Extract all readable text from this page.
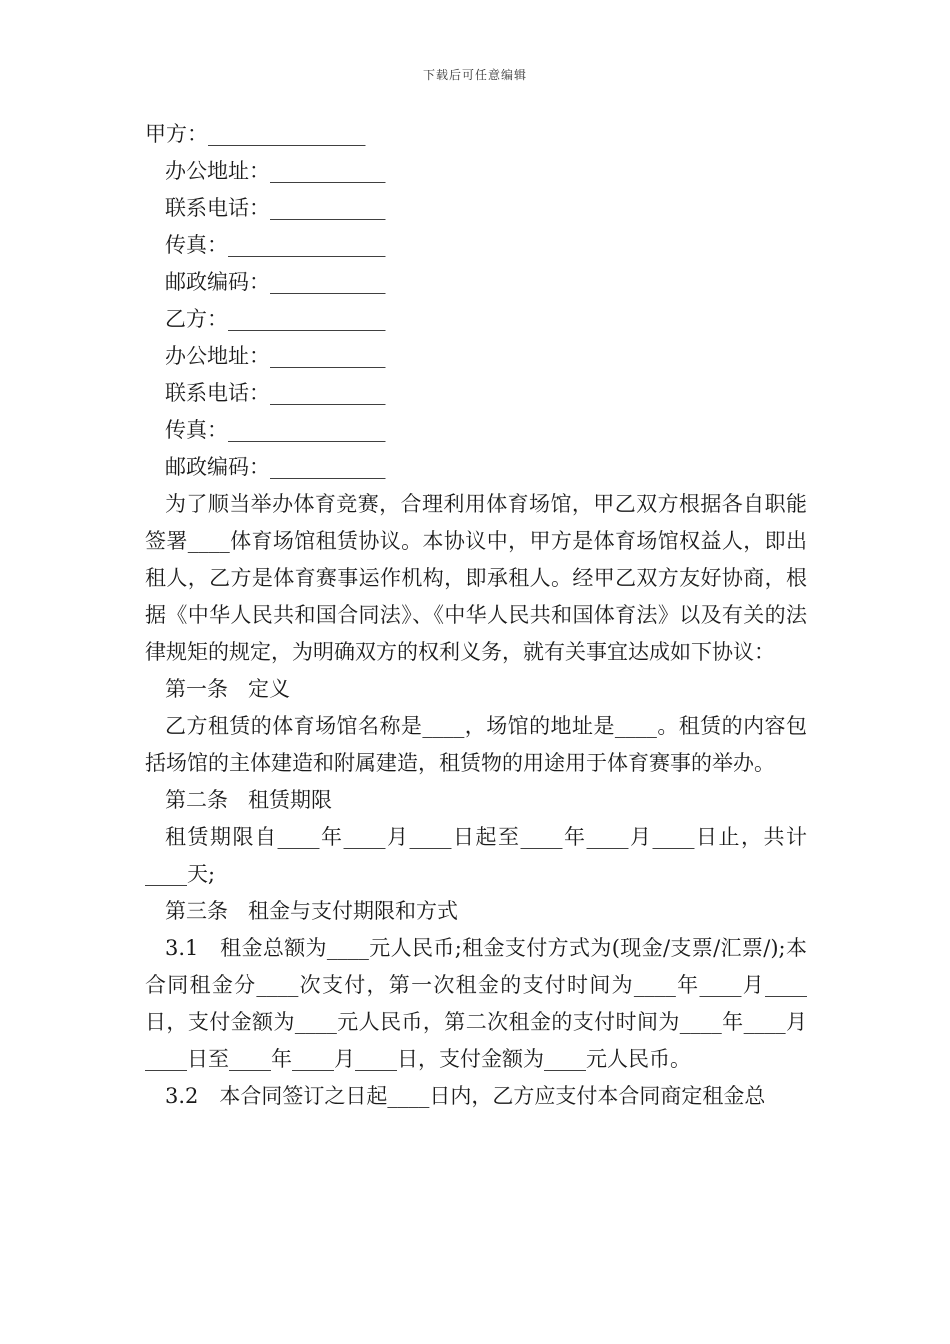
下载后可任意编辑
甲方：_______________
办公地址：___________
联系电话：___________
传真：_______________
邮政编码：___________
乙方：_______________
办公地址：___________
联系电话：___________
传真：_______________
邮政编码：___________
为了顺当举办体育竞赛，合理利用体育场馆，甲乙双方根据各自职能签署____体育场馆租赁协议。本协议中，甲方是体育场馆权益人，即出租人，乙方是体育赛事运作机构，即承租人。经甲乙双方友好协商，根据《中华人民共和国合同法》、《中华人民共和国体育法》以及有关的法律规矩的规定，为明确双方的权利义务，就有关事宜达成如下协议：
第一条 定义
乙方租赁的体育场馆名称是____，场馆的地址是____。租赁的内容包括场馆的主体建造和附属建造，租赁物的用途用于体育赛事的举办。
第二条 租赁期限
租赁期限自____年____月____日起至____年____月____日止，共计____天;
第三条 租金与支付期限和方式
3.1　租金总额为____元人民币;租金支付方式为(现金/支票/汇票/);本合同租金分____次支付，第一次租金的支付时间为____年____月____日，支付金额为____元人民币，第二次租金的支付时间为____年____月____日至____年____月____日，支付金额为____元人民币。
3.2　本合同签订之日起____日内，乙方应支付本合同商定租金总
